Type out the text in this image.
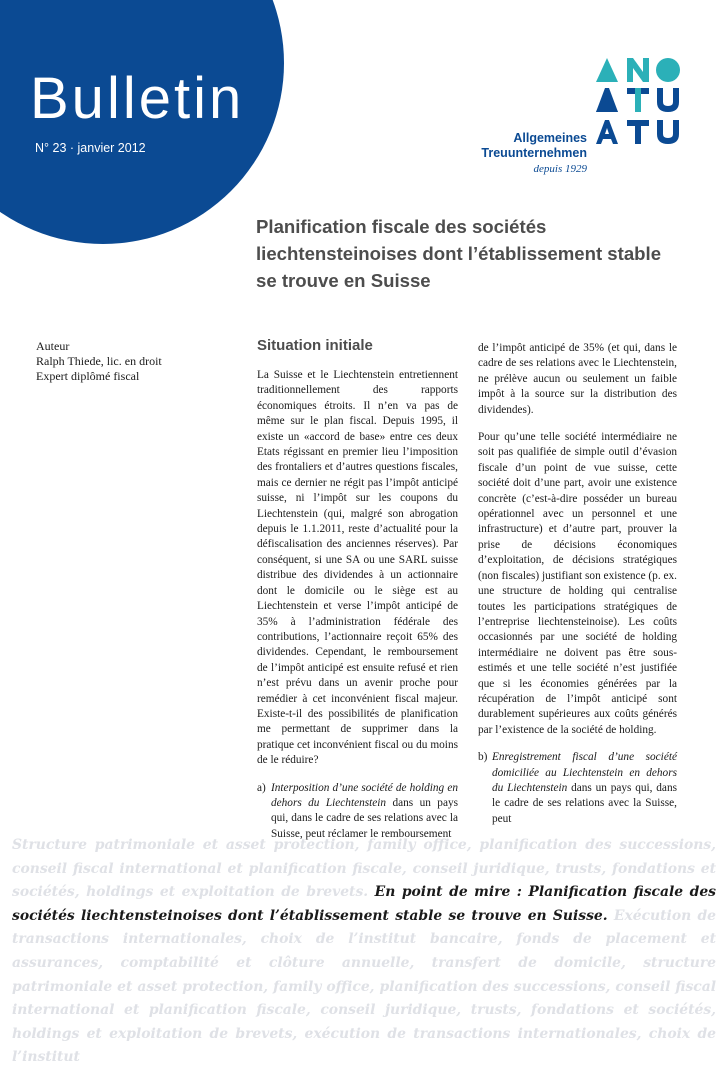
Bulletin
N° 23 · janvier 2012
Allgemeines
Treuunternehmen
depuis 1929
Planification fiscale des sociétés liechtensteinoises dont l’établissement stable se trouve en Suisse
Auteur
Ralph Thiede, lic. en droit
Expert diplômé fiscal
Situation initiale

La Suisse et le Liechtenstein entretiennent traditionnellement des rapports économiques étroits. Il n’en va pas de même sur le plan fiscal. Depuis 1995, il existe un «accord de base» entre ces deux Etats régissant en premier lieu l’imposition des frontaliers et d’autres questions fiscales, mais ce dernier ne régit pas l’impôt anticipé suisse, ni l’impôt sur les coupons du Liechtenstein (qui, malgré son abrogation depuis le 1.1.2011, reste d’actualité pour la défiscalisation des anciennes réserves). Par conséquent, si une SA ou une SARL suisse distribue des dividendes à un actionnaire dont le domicile ou le siège est au Liechtenstein et verse l’impôt anticipé de 35% à l’administration fédérale des contributions, l’actionnaire reçoit 65% des dividendes. Cependant, le remboursement de l’impôt anticipé est ensuite refusé et rien n’est prévu dans un avenir proche pour remédier à cet inconvénient fiscal majeur. Existe-t-il des possibilités de planification me permettant de supprimer dans la pratique cet inconvénient fiscal ou du moins de le réduire?

a) Interposition d’une société de holding en dehors du Liechtenstein dans un pays qui, dans le cadre de ses relations avec la Suisse, peut réclamer le remboursement

de l’impôt anticipé de 35% (et qui, dans le cadre de ses relations avec le Liechtenstein, ne prélève aucun ou seulement un faible impôt à la source sur la distribution des dividendes).

Pour qu’une telle société intermédiaire ne soit pas qualifiée de simple outil d’évasion fiscale d’un point de vue suisse, cette société doit d’une part, avoir une existence concrète (c’est-à-dire posséder un bureau opérationnel avec un personnel et une infrastructure) et d’autre part, prouver la prise de décisions économiques d’exploitation, de décisions stratégiques (non fiscales) justifiant son existence (p. ex. une structure de holding qui centralise toutes les participations stratégiques de l’entreprise liechtensteinoise). Les coûts occasionnés par une société de holding intermédiaire ne doivent pas être sous-estimés et une telle société n’est justifiée que si les économies générées par la récupération de l’impôt anticipé sont durablement supérieures aux coûts générés par l’existence de la société de holding.

b) Enregistrement fiscal d’une société domiciliée au Liechtenstein en dehors du Liechtenstein dans un pays qui, dans le cadre de ses relations avec la Suisse, peut

Structure patrimoniale et asset protection, family office, planification des successions, conseil fiscal international et planification fiscale, conseil juridique, trusts, fondations et sociétés, holdings et exploitation de brevets. En point de mire : Planification fiscale des sociétés liechtensteinoises dont l’établissement stable se trouve en Suisse. Exécution de transactions internationales, choix de l’institut bancaire, fonds de placement et assurances, comptabilité et clôture annuelle, transfert de domicile, structure patrimoniale et asset protection, family office, planification des successions, conseil fiscal international et planification fiscale, conseil juridique, trusts, fondations et sociétés, holdings et exploitation de brevets, exécution de transactions internationales, choix de l’institut
